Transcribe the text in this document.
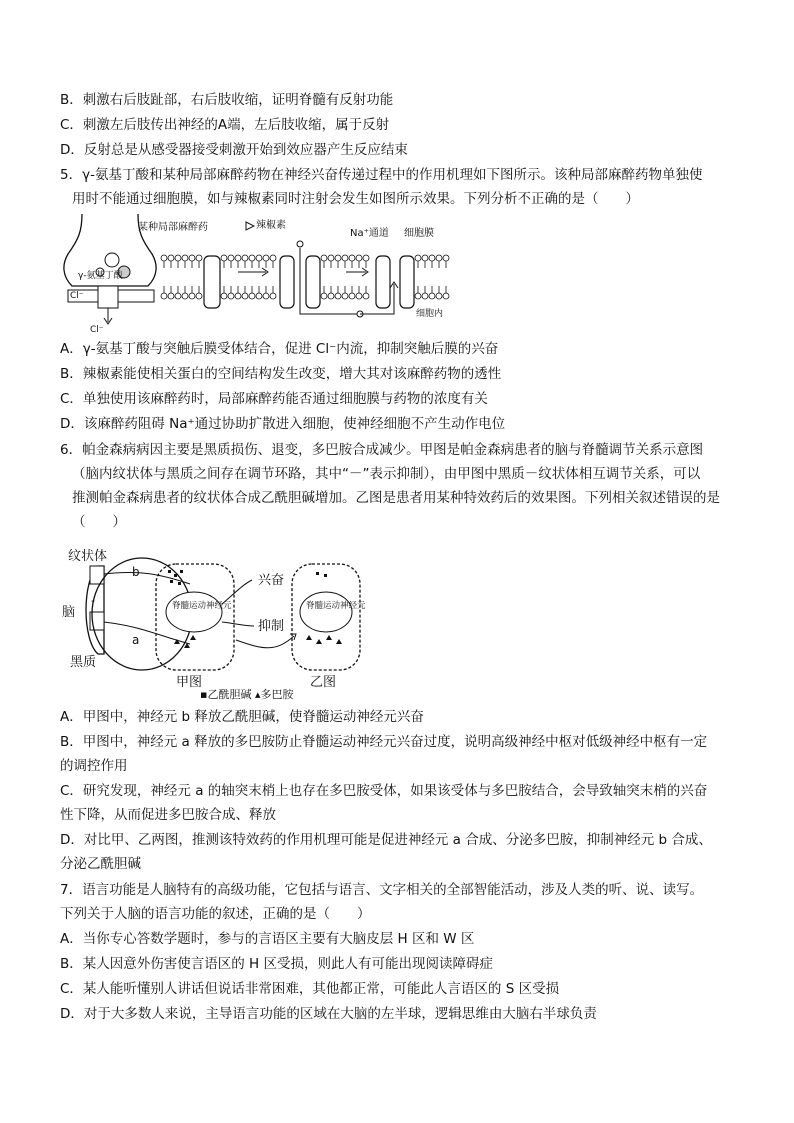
B．刺激右后肢趾部，右后肢收缩，证明脊髓有反射功能
C．刺激左后肢传出神经的A端，左后肢收缩，属于反射
D．反射总是从感受器接受刺激开始到效应器产生反应结束
5．γ-氨基丁酸和某种局部麻醉药物在神经兴奋传递过程中的作用机理如下图所示。该种局部麻醉药物单独使
用时不能通过细胞膜，如与辣椒素同时注射会发生如图所示效果。下列分析不正确的是（　　）
γ-氨基丁酸
Cl⁻
Cl⁻
某种局部麻醉药	辣椒素
Na⁺通道 细胞膜
细胞内
A．γ-氨基丁酸与突触后膜受体结合，促进 Cl⁻内流，抑制突触后膜的兴奋
B．辣椒素能使相关蛋白的空间结构发生改变，增大其对该麻醉药物的透性
C．单独使用该麻醉药时，局部麻醉药能否通过细胞膜与药物的浓度有关
D．该麻醉药阻碍 Na⁺通过协助扩散进入细胞，使神经细胞不产生动作电位
6．帕金森病病因主要是黑质损伤、退变，多巴胺合成减少。甲图是帕金森病患者的脑与脊髓调节关系示意图
（脑内纹状体与黑质之间存在调节环路，其中“－”表示抑制），由甲图中黑质－纹状体相互调节关系，可以
推测帕金森病患者的纹状体合成乙酰胆碱增加。乙图是患者用某种特效药后的效果图。下列相关叙述错误的是
（　　）
纹状体
脑
黑质
-
b
a
脊髓运动神经元
兴奋
抑制
甲图
脊髓运动神经元
乙图
▪乙酰胆碱 ▴多巴胺
A．甲图中，神经元 b 释放乙酰胆碱，使脊髓运动神经元兴奋
B．甲图中，神经元 a 释放的多巴胺防止脊髓运动神经元兴奋过度，说明高级神经中枢对低级神经中枢有一定
的调控作用
C．研究发现，神经元 a 的轴突末梢上也存在多巴胺受体，如果该受体与多巴胺结合，会导致轴突末梢的兴奋
性下降，从而促进多巴胺合成、释放
D．对比甲、乙两图，推测该特效药的作用机理可能是促进神经元 a 合成、分泌多巴胺，抑制神经元 b 合成、
分泌乙酰胆碱
7．语言功能是人脑特有的高级功能，它包括与语言、文字相关的全部智能活动，涉及人类的听、说、读写。
下列关于人脑的语言功能的叙述，正确的是（　　）
A．当你专心答数学题时，参与的言语区主要有大脑皮层 H 区和 W 区
B．某人因意外伤害使言语区的 H 区受损，则此人有可能出现阅读障碍症
C．某人能听懂别人讲话但说话非常困难，其他都正常，可能此人言语区的 S 区受损
D．对于大多数人来说，主导语言功能的区域在大脑的左半球，逻辑思维由大脑右半球负责
